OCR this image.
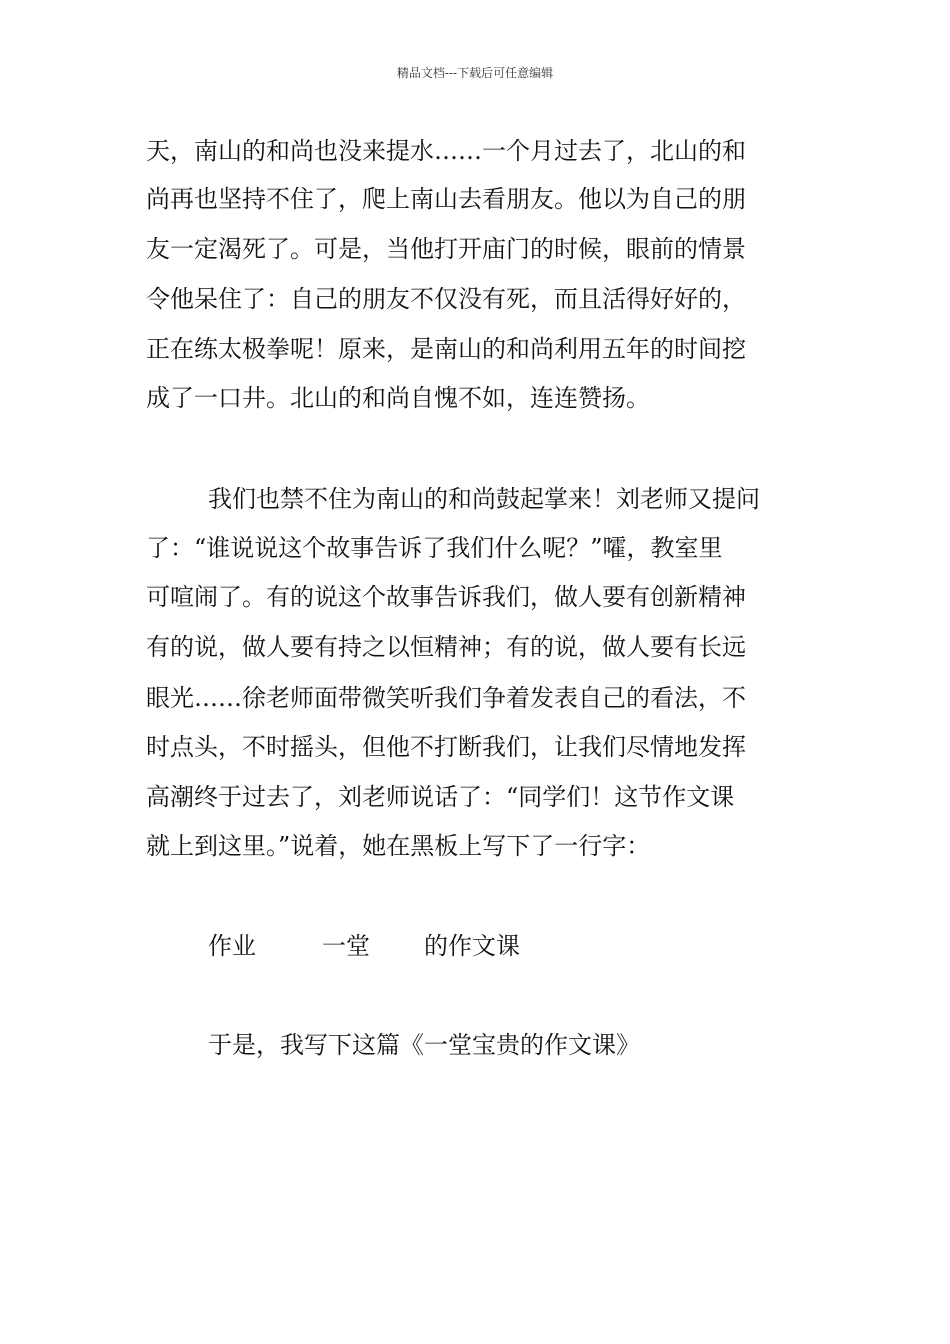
精品文档---下载后可任意编辑
天，南山的和尚也没来提水……一个月过去了，北山的和
尚再也坚持不住了，爬上南山去看朋友。他以为自己的朋
友一定渴死了。可是，当他打开庙门的时候，眼前的情景
令他呆住了：自己的朋友不仅没有死，而且活得好好的，
正在练太极拳呢！原来，是南山的和尚利用五年的时间挖
成了一口井。北山的和尚自愧不如，连连赞扬。
我们也禁不住为南山的和尚鼓起掌来！刘老师又提问
了：“谁说说这个故事告诉了我们什么呢？”嚯，教室里
可喧闹了。有的说这个故事告诉我们，做人要有创新精神
有的说，做人要有持之以恒精神；有的说，做人要有长远
眼光……徐老师面带微笑听我们争着发表自己的看法，不
时点头，不时摇头，但他不打断我们，让我们尽情地发挥
高潮终于过去了，刘老师说话了：“同学们！这节作文课
就上到这里。”说着，她在黑板上写下了一行字：
作业	一堂 的作文课
于是，我写下这篇《一堂宝贵的作文课》
